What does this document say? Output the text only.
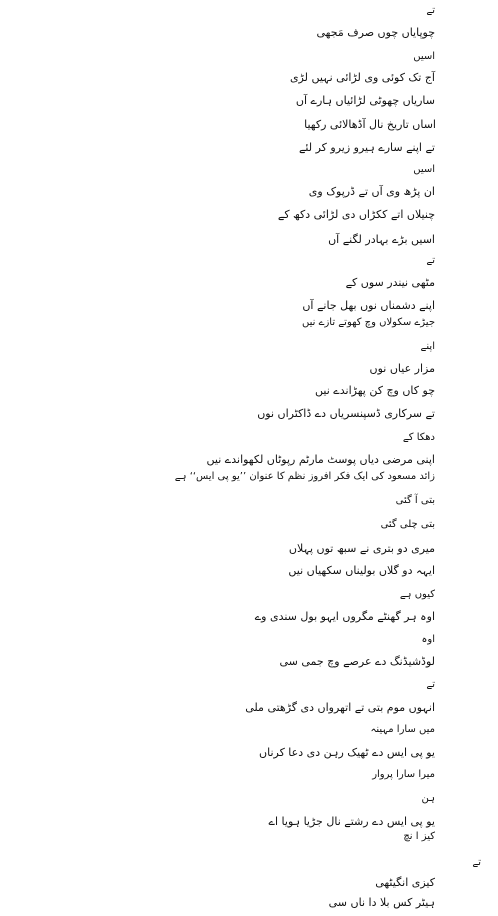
تے
چوپایاں چوں صرف مَجھی
اسیں
آج تک کوئی وی لڑائی نہیں لڑی
ساریاں چھوٹی لڑائیاں ہارے آں
اساں تاریخ نال آڈھالائی رکھیا
تے اپنے سارے ہیرو زیرو کر لئے
اسیں
ان پڑھ وی آں تے ڈرپوک وی
چنیلاں اتے ککڑاں دی لڑائی دکھ کے
اسیں بڑے بہادر لگنے آں
تے
مٹھی نیندر سوں کے
اپنے دشمناں نوں بھل جانے آں
جیڑے سکولاں وچ کھوتے تازے نیں
اپنے
مزار عیاں نوں
چو کاں وچ کن پھڑاندے نیں
تے سرکاری ڈسپنسریاں دے ڈاکٹراں نوں
دھکا کے
اپنی مرضی دیاں پوسٹ مارٹم رپوٹاں لکھواندے نیں
زائد مسعود کی ایک فکر افروز نظم کا عنوان ’’یو پی ایس‘‘ ہے
بتی آ گئی
بتی چلی گئی
میری دو بتری نے سبھ توں پہلاں
ایہہ دو گلاں بولیناں سکھیاں نیں
کیوں ہے
اوہ ہر گھنٹے مگروں ایہو بول سندی وے
اوہ
لوڈشیڈنگ دے عرصے وچ جمی سی
تے
انہوں موم بتی تے اتھرواں دی گڑھتی ملی
میں سارا مہینہ
یو پی ایس دے ٹھیک رہن دی دعا کرناں
میرا سارا پروار
ہن
یو پی ایس دے رشتے نال جڑیا ہویا اے
کیز ا نچ
تے
کیزی انگیٹھی
ہیٹر کس بلا دا ناں سی
